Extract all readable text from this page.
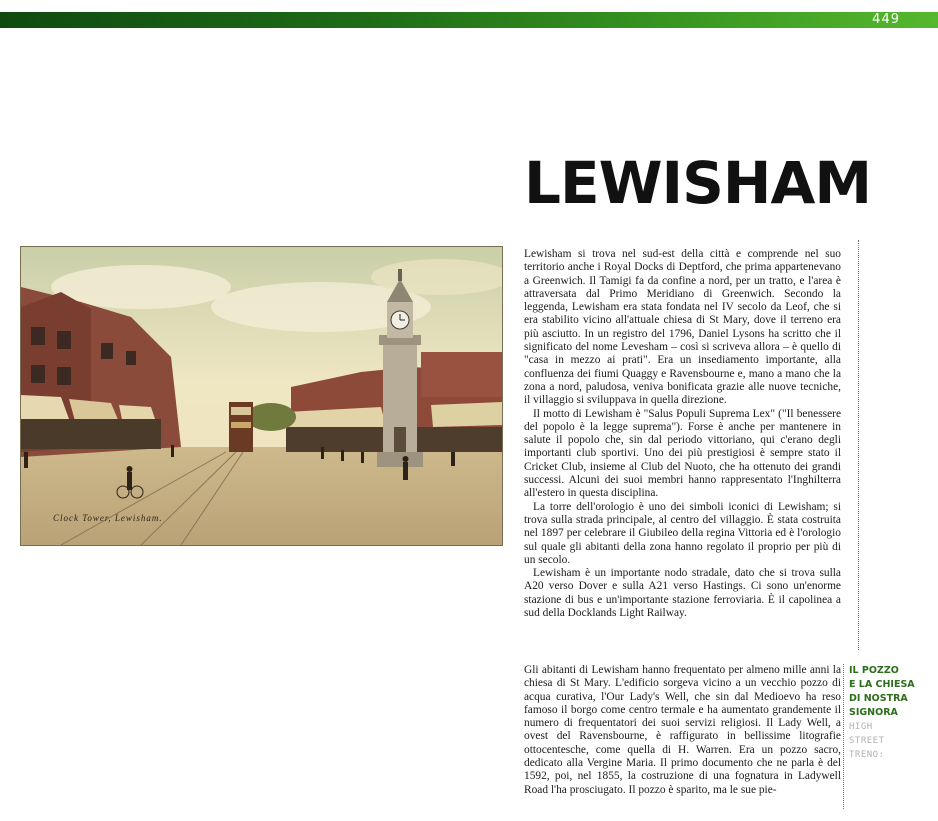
449
LEWISHAM
Clock Tower, Lewisham.

Lewisham si trova nel sud-est della città e comprende nel suo territorio anche i Royal Docks di Deptford, che prima appartenevano a Greenwich. Il Tamigi fa da confine a nord, per un tratto, e l'area è attraversata dal Primo Meridiano di Greenwich. Secondo la leggenda, Lewisham era stata fondata nel IV secolo da Leof, che si era stabilito vicino all'attuale chiesa di St Mary, dove il terreno era più asciutto. In un registro del 1796, Daniel Lysons ha scritto che il significato del nome Levesham – così si scriveva allora – è quello di "casa in mezzo ai prati". Era un insediamento importante, alla confluenza dei fiumi Quaggy e Ravensbourne e, mano a mano che la zona a nord, paludosa, veniva bonificata grazie alle nuove tecniche, il villaggio si sviluppava in quella direzione.

Il motto di Lewisham è "Salus Populi Suprema Lex" ("Il benessere del popolo è la legge suprema"). Forse è anche per mantenere in salute il popolo che, sin dal periodo vittoriano, qui c'erano degli importanti club sportivi. Uno dei più prestigiosi è sempre stato il Cricket Club, insieme al Club del Nuoto, che ha ottenuto dei grandi successi. Alcuni dei suoi membri hanno rappresentato l'Inghilterra all'estero in questa disciplina.

La torre dell'orologio è uno dei simboli iconici di Lewisham; si trova sulla strada principale, al centro del villaggio. È stata costruita nel 1897 per celebrare il Giubileo della regina Vittoria ed è l'orologio sul quale gli abitanti della zona hanno regolato il proprio per più di un secolo.

Lewisham è un importante nodo stradale, dato che si trova sulla A20 verso Dover e sulla A21 verso Hastings. Ci sono un'enorme stazione di bus e un'importante stazione ferroviaria. È il capolinea a sud della Docklands Light Railway.

Gli abitanti di Lewisham hanno frequentato per almeno mille anni la chiesa di St Mary. L'edificio sorgeva vicino a un vecchio pozzo di acqua curativa, l'Our Lady's Well, che sin dal Medioevo ha reso famoso il borgo come centro termale e ha aumentato grandemente il numero di frequentatori dei suoi servizi religiosi. Il Lady Well, a ovest del Ravensbourne, è raffigurato in bellissime litografie ottocentesche, come quella di H. Warren. Era un pozzo sacro, dedicato alla Vergine Maria. Il primo documento che ne parla è del 1592, poi, nel 1855, la costruzione di una fognatura in Ladywell Road l'ha prosciugato. Il pozzo è sparito, ma le sue pie-

IL POZZO
E LA CHIESA
DI NOSTRA
SIGNORA
HIGH
STREET
TRENO:
